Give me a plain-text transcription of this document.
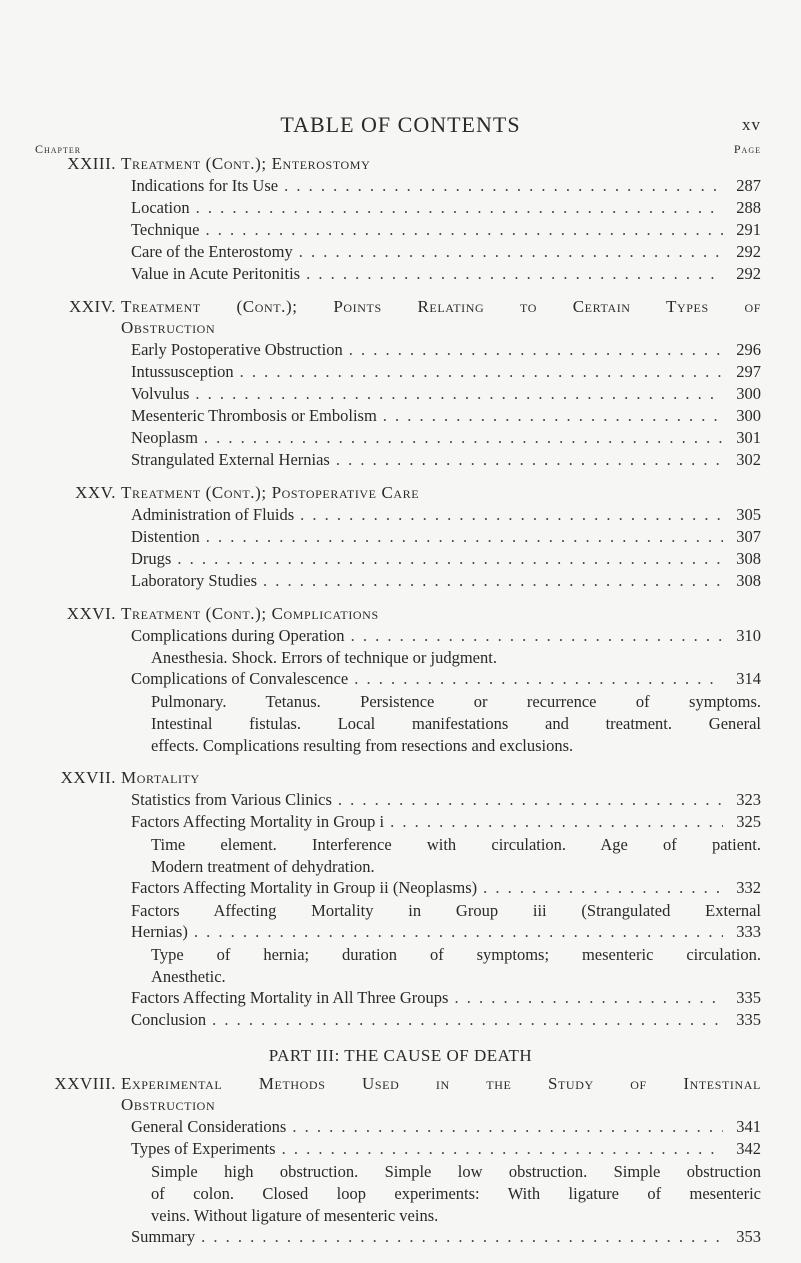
TABLE OF CONTENTS	xv
Chapter	Page
XXIII. Treatment (Cont.); Enterostomy
Indications for Its Use . . .	287
Location . . .	288
Technique . . .	291
Care of the Enterostomy . . .	292
Value in Acute Peritonitis . . .	292
XXIV. Treatment (Cont.); Points Relating to Certain Types of
Obstruction
Early Postoperative Obstruction . . .	296
Intussusception . . .	297
Volvulus . . .	300
Mesenteric Thrombosis or Embolism . . .	300
Neoplasm . . .	301
Strangulated External Hernias . . .	302
XXV. Treatment (Cont.); Postoperative Care
Administration of Fluids . . .	305
Distention . . .	307
Drugs . . .	308
Laboratory Studies . . .	308
XXVI. Treatment (Cont.); Complications
Complications during Operation . . .	310
Anesthesia. Shock. Errors of technique or judgment.
Complications of Convalescence . . .	314
Pulmonary. Tetanus. Persistence or recurrence of symptoms.
Intestinal fistulas. Local manifestations and treatment. General
effects. Complications resulting from resections and exclusions.
XXVII. Mortality
Statistics from Various Clinics . . .	323
Factors Affecting Mortality in Group i . . .	325
Time element. Interference with circulation. Age of patient.
Modern treatment of dehydration.
Factors Affecting Mortality in Group ii (Neoplasms) . . .	332
Factors Affecting Mortality in Group iii (Strangulated External
Hernias) . . .	333
Type of hernia; duration of symptoms; mesenteric circulation.
Anesthetic.
Factors Affecting Mortality in All Three Groups . . .	335
Conclusion . . .	335
PART III: THE CAUSE OF DEATH
XXVIII. Experimental Methods Used in the Study of Intestinal
Obstruction
General Considerations . . .	341
Types of Experiments . . .	342
Simple high obstruction. Simple low obstruction. Simple obstruction
of colon. Closed loop experiments: With ligature of mesenteric
veins. Without ligature of mesenteric veins.
Summary . . .	353
